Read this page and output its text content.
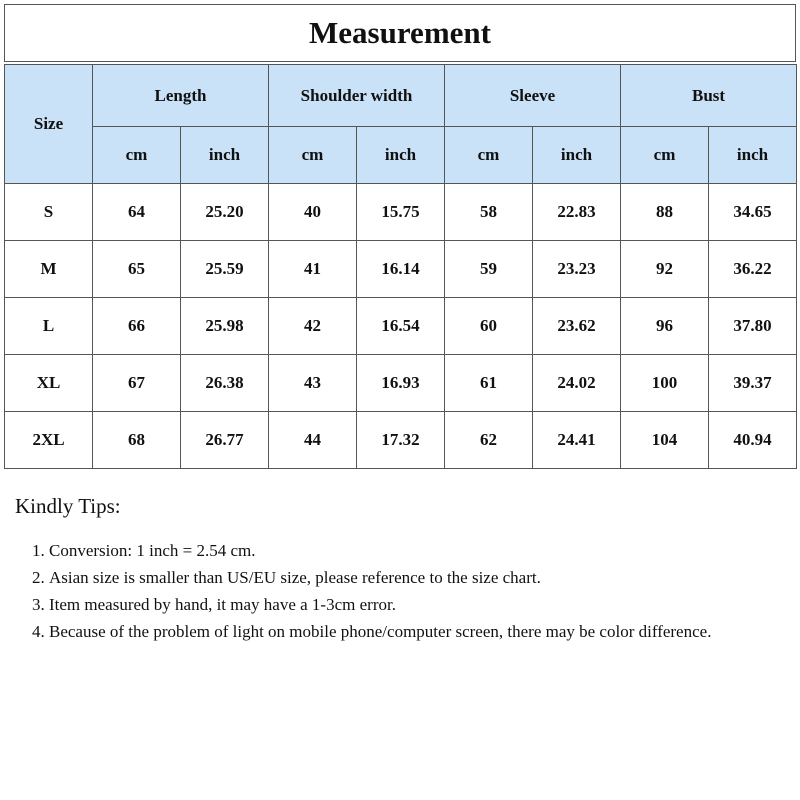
Measurement
Size	Length		Shoulder width		Sleeve		Bust	
	cm	inch	cm	inch	cm	inch	cm	inch
S	64	25.20	40	15.75	58	22.83	88	34.65
M	65	25.59	41	16.14	59	23.23	92	36.22
L	66	25.98	42	16.54	60	23.62	96	37.80
XL	67	26.38	43	16.93	61	24.02	100	39.37
2XL	68	26.77	44	17.32	62	24.41	104	40.94
Kindly Tips:
1. Conversion: 1 inch = 2.54 cm.
2. Asian size is smaller than US/EU size, please reference to the size chart.
3. Item measured by hand, it may have a 1-3cm error.
4. Because of the problem of light on mobile phone/computer screen, there may be color difference.
